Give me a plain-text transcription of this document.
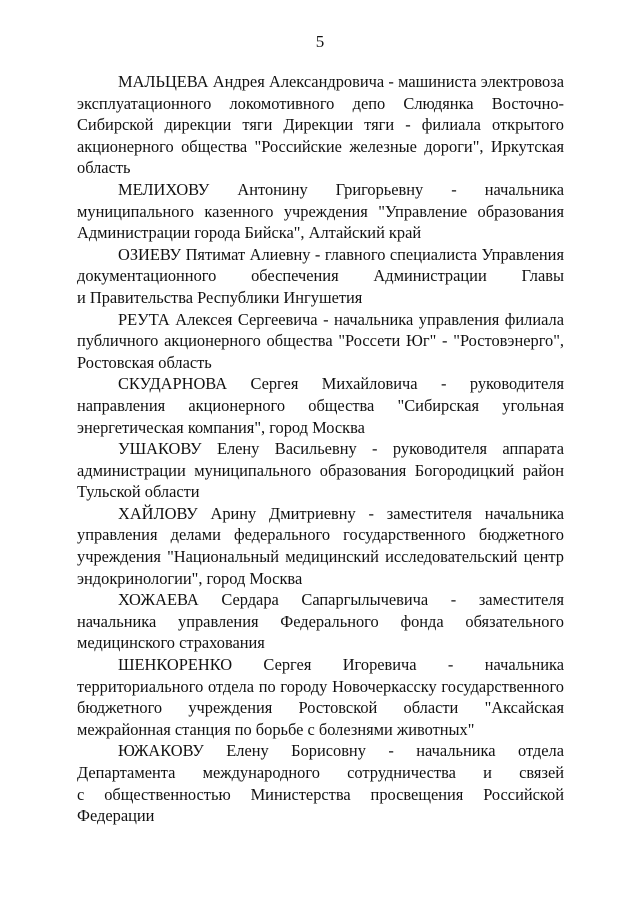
5
МАЛЬЦЕВА Андрея Александровича - машиниста электровоза
эксплуатационного локомотивного депо Слюдянка Восточно-
Сибирской дирекции тяги Дирекции тяги - филиала открытого
акционерного общества "Российские железные дороги", Иркутская
область
МЕЛИХОВУ Антонину Григорьевну - начальника
муниципального казенного учреждения "Управление образования
Администрации города Бийска", Алтайский край
ОЗИЕВУ Пятимат Алиевну - главного специалиста Управления
документационного обеспечения Администрации Главы
и Правительства Республики Ингушетия
РЕУТА Алексея Сергеевича - начальника управления филиала
публичного акционерного общества "Россети Юг" - "Ростовэнерго",
Ростовская область
СКУДАРНОВА Сергея Михайловича - руководителя
направления акционерного общества "Сибирская угольная
энергетическая компания", город Москва
УШАКОВУ Елену Васильевну - руководителя аппарата
администрации муниципального образования Богородицкий район
Тульской области
ХАЙЛОВУ Арину Дмитриевну - заместителя начальника
управления делами федерального государственного бюджетного
учреждения "Национальный медицинский исследовательский центр
эндокринологии", город Москва
ХОЖАЕВА Сердара Сапаргылычевича - заместителя
начальника управления Федерального фонда обязательного
медицинского страхования
ШЕНКОРЕНКО Сергея Игоревича - начальника
территориального отдела по городу Новочеркасску государственного
бюджетного учреждения Ростовской области "Аксайская
межрайонная станция по борьбе с болезнями животных"
ЮЖАКОВУ Елену Борисовну - начальника отдела
Департамента международного сотрудничества и связей
с общественностью Министерства просвещения Российской
Федерации
